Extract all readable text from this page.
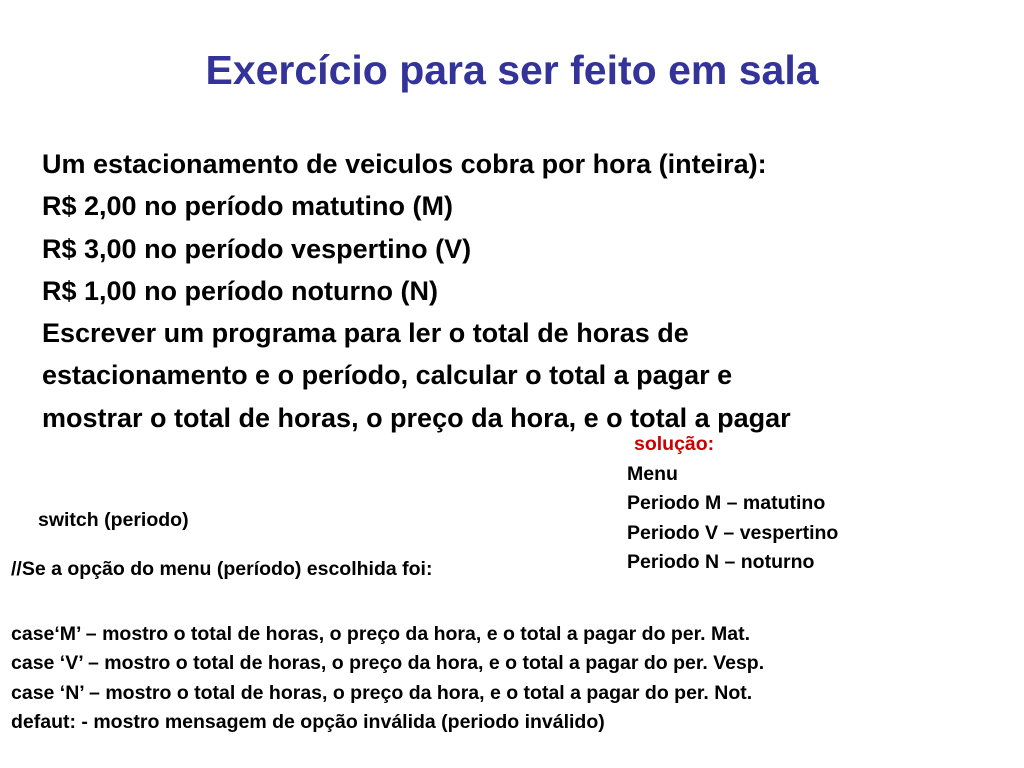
Exercício para ser feito em sala
Um estacionamento de veiculos cobra por hora (inteira):
R$ 2,00 no período matutino (M)
R$ 3,00 no período vespertino (V)
R$ 1,00 no período noturno (N)
Escrever um programa para ler o total de horas de
estacionamento e o período, calcular o total a pagar e
mostrar o total de horas, o preço da hora, e o total a pagar
solução:
Menu
Periodo M – matutino
Periodo V – vespertino
Periodo N – noturno
switch (periodo)
//Se a opção do menu (período) escolhida foi:
case‘M’ – mostro o total de horas, o preço da hora, e o total a pagar do per. Mat.
case ‘V’ – mostro o total de horas, o preço da hora, e o total a pagar do per. Vesp.
case ‘N’ – mostro o total de horas, o preço da hora, e o total a pagar do per. Not.
defaut: - mostro mensagem de opção inválida (periodo inválido)
